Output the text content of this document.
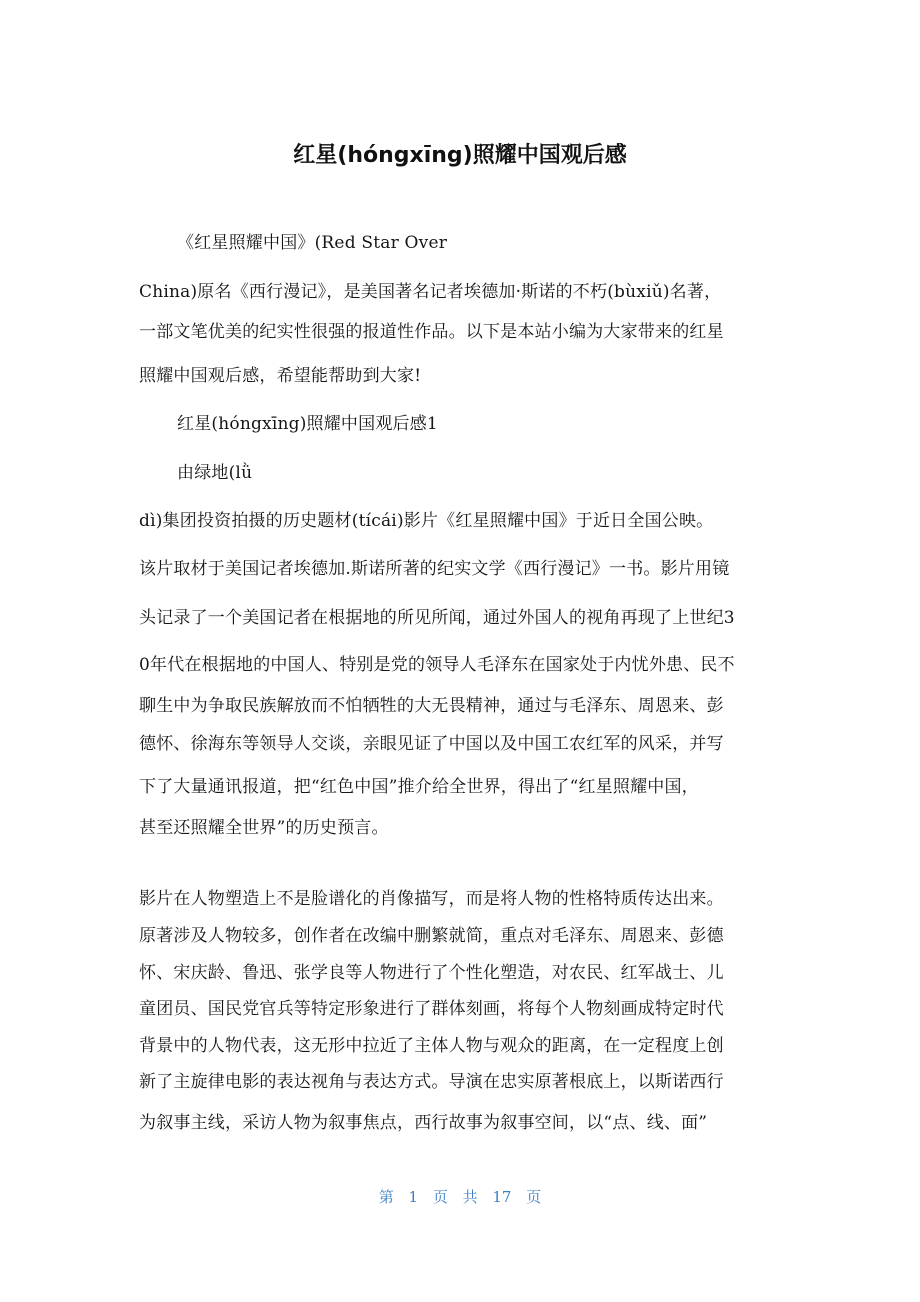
红星(hóngxīng)照耀中国观后感
《红星照耀中国》(Red Star Over
China)原名《西行漫记》，是美国著名记者埃德加·斯诺的不朽(bùxiǔ)名著，
一部文笔优美的纪实性很强的报道性作品。以下是本站小编为大家带来的红星
照耀中国观后感，希望能帮助到大家!
红星(hóngxīng)照耀中国观后感1
由绿地(lǜ
dì)集团投资拍摄的历史题材(tícái)影片《红星照耀中国》于近日全国公映。
该片取材于美国记者埃德加.斯诺所著的纪实文学《西行漫记》一书。影片用镜
头记录了一个美国记者在根据地的所见所闻，通过外国人的视角再现了上世纪3
0年代在根据地的中国人、特别是党的领导人毛泽东在国家处于内忧外患、民不
聊生中为争取民族解放而不怕牺牲的大无畏精神，通过与毛泽东、周恩来、彭
德怀、徐海东等领导人交谈，亲眼见证了中国以及中国工农红军的风采，并写
下了大量通讯报道，把“红色中国”推介给全世界，得出了“红星照耀中国，
甚至还照耀全世界”的历史预言。
影片在人物塑造上不是脸谱化的肖像描写，而是将人物的性格特质传达出来。
原著涉及人物较多，创作者在改编中删繁就简，重点对毛泽东、周恩来、彭德
怀、宋庆龄、鲁迅、张学良等人物进行了个性化塑造，对农民、红军战士、儿
童团员、国民党官兵等特定形象进行了群体刻画，将每个人物刻画成特定时代
背景中的人物代表，这无形中拉近了主体人物与观众的距离，在一定程度上创
新了主旋律电影的表达视角与表达方式。导演在忠实原著根底上，以斯诺西行
为叙事主线，采访人物为叙事焦点，西行故事为叙事空间，以“点、线、面”
第 1 页 共 17 页
